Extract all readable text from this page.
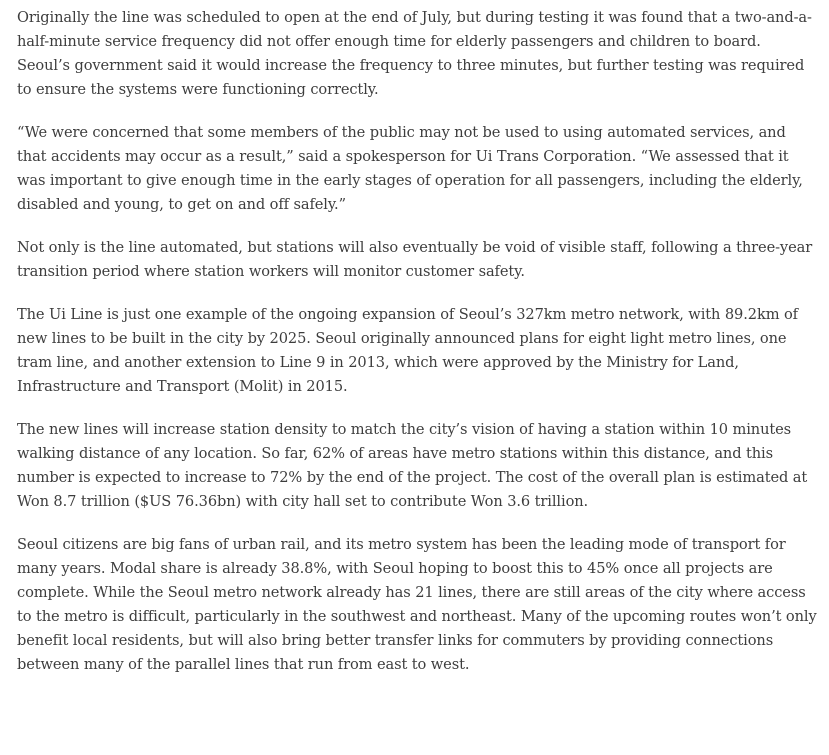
Originally the line was scheduled to open at the end of July, but during testing it was found that a two-and-a-half-minute service frequency did not offer enough time for elderly passengers and children to board. Seoul’s government said it would increase the frequency to three minutes, but further testing was required to ensure the systems were functioning correctly.

“We were concerned that some members of the public may not be used to using automated services, and that accidents may occur as a result,” said a spokesperson for Ui Trans Corporation. “We assessed that it was important to give enough time in the early stages of operation for all passengers, including the elderly, disabled and young, to get on and off safely.”

Not only is the line automated, but stations will also eventually be void of visible staff, following a three-year transition period where station workers will monitor customer safety.

The Ui Line is just one example of the ongoing expansion of Seoul’s 327km metro network, with 89.2km of new lines to be built in the city by 2025. Seoul originally announced plans for eight light metro lines, one tram line, and another extension to Line 9 in 2013, which were approved by the Ministry for Land, Infrastructure and Transport (Molit) in 2015.

The new lines will increase station density to match the city’s vision of having a station within 10 minutes walking distance of any location. So far, 62% of areas have metro stations within this distance, and this number is expected to increase to 72% by the end of the project. The cost of the overall plan is estimated at Won 8.7 trillion ($US 76.36bn) with city hall set to contribute Won 3.6 trillion.

Seoul citizens are big fans of urban rail, and its metro system has been the leading mode of transport for many years. Modal share is already 38.8%, with Seoul hoping to boost this to 45% once all projects are complete. While the Seoul metro network already has 21 lines, there are still areas of the city where access to the metro is difficult, particularly in the southwest and northeast. Many of the upcoming routes won’t only benefit local residents, but will also bring better transfer links for commuters by providing connections between many of the parallel lines that run from east to west.
